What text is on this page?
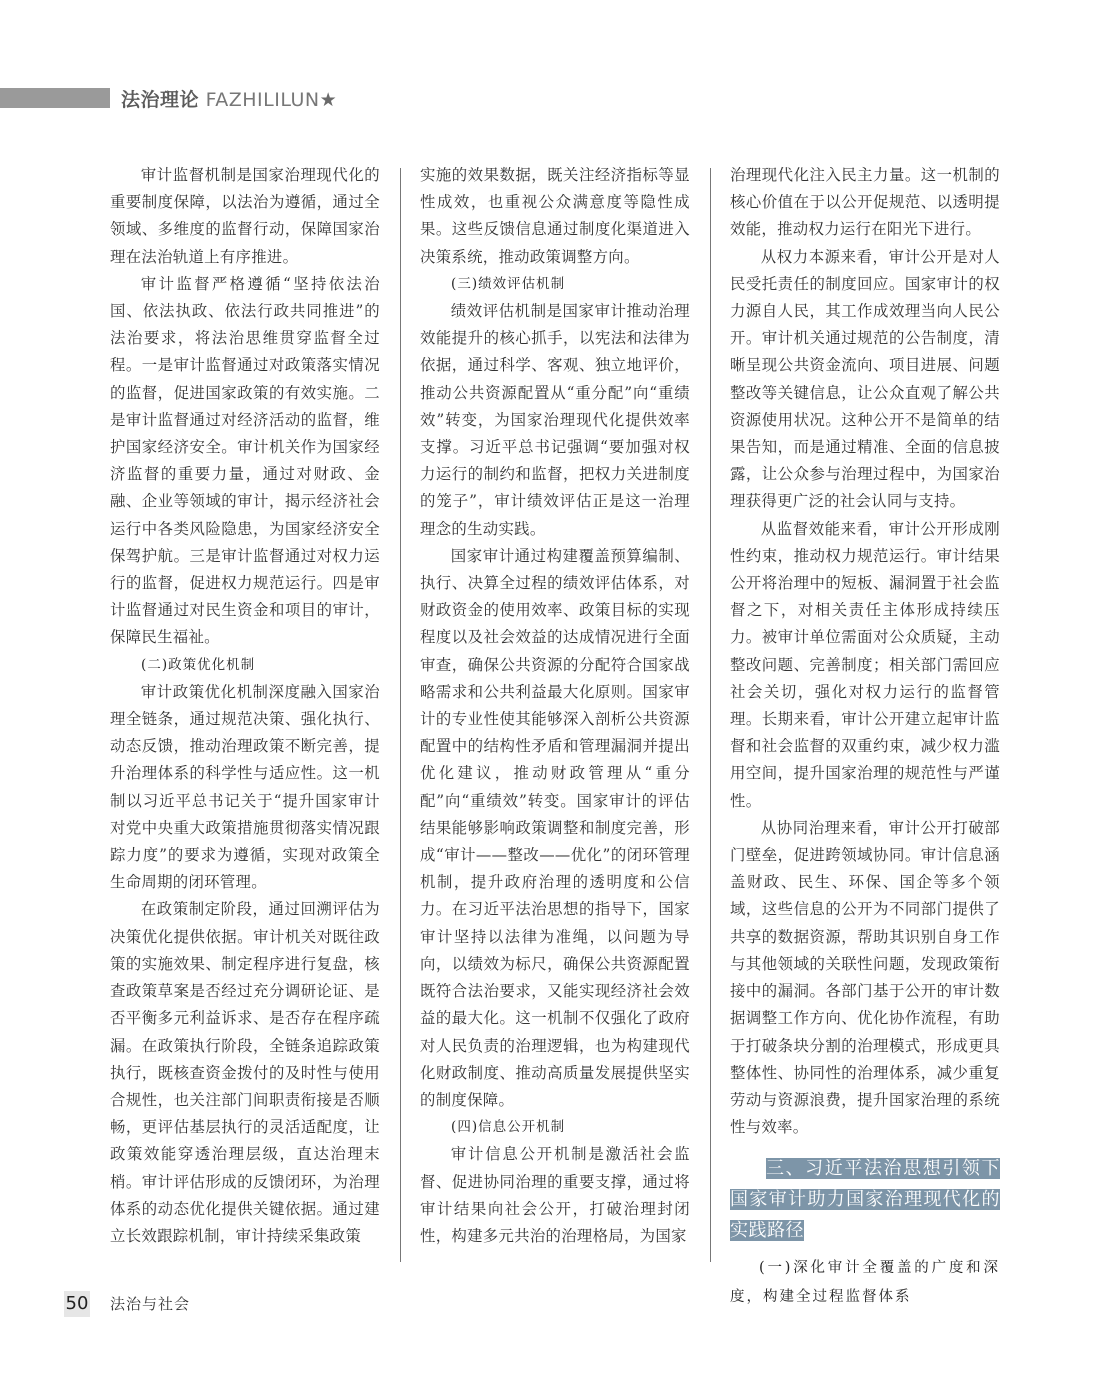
法治理论 FAZHILILUN★

审计监督机制是国家治理现代化的重要制度保障，以法治为遵循，通过全领域、多维度的监督行动，保障国家治理在法治轨道上有序推进。

审计监督严格遵循“坚持依法治国、依法执政、依法行政共同推进”的法治要求，将法治思维贯穿监督全过程。一是审计监督通过对政策落实情况的监督，促进国家政策的有效实施。二是审计监督通过对经济活动的监督，维护国家经济安全。审计机关作为国家经济监督的重要力量，通过对财政、金融、企业等领域的审计，揭示经济社会运行中各类风险隐患，为国家经济安全保驾护航。三是审计监督通过对权力运行的监督，促进权力规范运行。四是审计监督通过对民生资金和项目的审计，保障民生福祉。

(二)政策优化机制

审计政策优化机制深度融入国家治理全链条，通过规范决策、强化执行、动态反馈，推动治理政策不断完善，提升治理体系的科学性与适应性。这一机制以习近平总书记关于“提升国家审计对党中央重大政策措施贯彻落实情况跟踪力度”的要求为遵循，实现对政策全生命周期的闭环管理。

在政策制定阶段，通过回溯评估为决策优化提供依据。审计机关对既往政策的实施效果、制定程序进行复盘，核查政策草案是否经过充分调研论证、是否平衡多元利益诉求、是否存在程序疏漏。在政策执行阶段，全链条追踪政策执行，既核查资金拨付的及时性与使用合规性，也关注部门间职责衔接是否顺畅，更评估基层执行的灵活适配度，让政策效能穿透治理层级，直达治理末梢。审计评估形成的反馈闭环，为治理体系的动态优化提供关键依据。通过建立长效跟踪机制，审计持续采集政策

实施的效果数据，既关注经济指标等显性成效，也重视公众满意度等隐性成果。这些反馈信息通过制度化渠道进入决策系统，推动政策调整方向。

(三)绩效评估机制

绩效评估机制是国家审计推动治理效能提升的核心抓手，以宪法和法律为依据，通过科学、客观、独立地评价，推动公共资源配置从“重分配”向“重绩效”转变，为国家治理现代化提供效率支撑。习近平总书记强调“要加强对权力运行的制约和监督，把权力关进制度的笼子”，审计绩效评估正是这一治理理念的生动实践。

国家审计通过构建覆盖预算编制、执行、决算全过程的绩效评估体系，对财政资金的使用效率、政策目标的实现程度以及社会效益的达成情况进行全面审查，确保公共资源的分配符合国家战略需求和公共利益最大化原则。国家审计的专业性使其能够深入剖析公共资源配置中的结构性矛盾和管理漏洞并提出优化建议，推动财政管理从“重分配”向“重绩效”转变。国家审计的评估结果能够影响政策调整和制度完善，形成“审计——整改——优化”的闭环管理机制，提升政府治理的透明度和公信力。在习近平法治思想的指导下，国家审计坚持以法律为准绳，以问题为导向，以绩效为标尺，确保公共资源配置既符合法治要求，又能实现经济社会效益的最大化。这一机制不仅强化了政府对人民负责的治理逻辑，也为构建现代化财政制度、推动高质量发展提供坚实的制度保障。

(四)信息公开机制

审计信息公开机制是激活社会监督、促进协同治理的重要支撑，通过将审计结果向社会公开，打破治理封闭性，构建多元共治的治理格局，为国家

治理现代化注入民主力量。这一机制的核心价值在于以公开促规范、以透明提效能，推动权力运行在阳光下进行。

从权力本源来看，审计公开是对人民受托责任的制度回应。国家审计的权力源自人民，其工作成效理当向人民公开。审计机关通过规范的公告制度，清晰呈现公共资金流向、项目进展、问题整改等关键信息，让公众直观了解公共资源使用状况。这种公开不是简单的结果告知，而是通过精准、全面的信息披露，让公众参与治理过程中，为国家治理获得更广泛的社会认同与支持。

从监督效能来看，审计公开形成刚性约束，推动权力规范运行。审计结果公开将治理中的短板、漏洞置于社会监督之下，对相关责任主体形成持续压力。被审计单位需面对公众质疑，主动整改问题、完善制度；相关部门需回应社会关切，强化对权力运行的监督管理。长期来看，审计公开建立起审计监督和社会监督的双重约束，减少权力滥用空间，提升国家治理的规范性与严谨性。

从协同治理来看，审计公开打破部门壁垒，促进跨领域协同。审计信息涵盖财政、民生、环保、国企等多个领域，这些信息的公开为不同部门提供了共享的数据资源，帮助其识别自身工作与其他领域的关联性问题，发现政策衔接中的漏洞。各部门基于公开的审计数据调整工作方向、优化协作流程，有助于打破条块分割的治理模式，形成更具整体性、协同性的治理体系，减少重复劳动与资源浪费，提升国家治理的系统性与效率。

三、习近平法治思想引领下国家审计助力国家治理现代化的实践路径

(一)深化审计全覆盖的广度和深度，构建全过程监督体系

50 法治与社会
